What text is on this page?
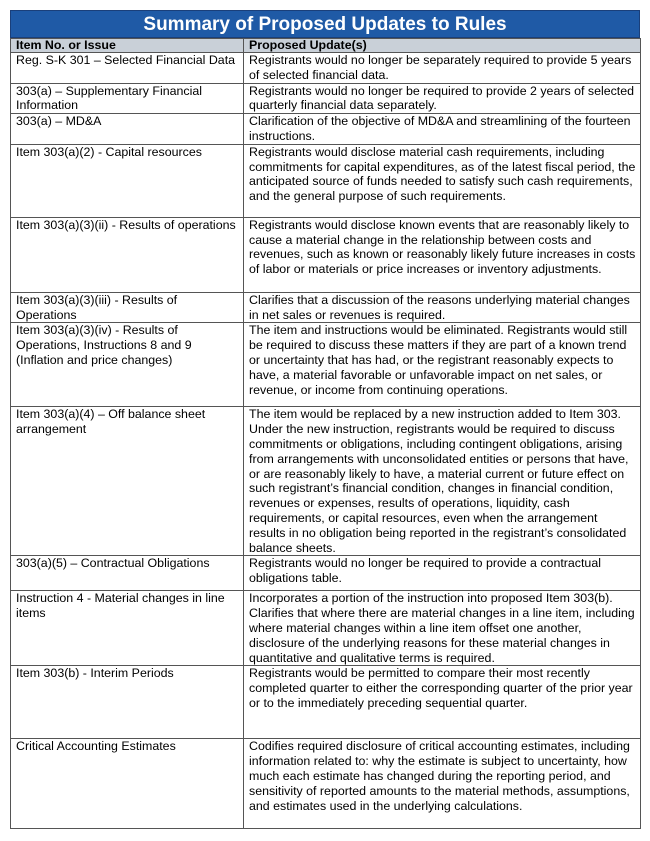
Summary of Proposed Updates to Rules
Item No. or Issue	Proposed Update(s)
Reg. S-K 301 – Selected Financial Data	Registrants would no longer be separately required to provide 5 years of selected financial data.
303(a) – Supplementary Financial Information	Registrants would no longer be required to provide 2 years of selected quarterly financial data separately.
303(a) – MD&A	Clarification of the objective of MD&A and streamlining of the fourteen instructions.
Item 303(a)(2) - Capital resources	Registrants would disclose material cash requirements, including commitments for capital expenditures, as of the latest fiscal period, the anticipated source of funds needed to satisfy such cash requirements, and the general purpose of such requirements.
Item 303(a)(3)(ii) - Results of operations	Registrants would disclose known events that are reasonably likely to cause a material change in the relationship between costs and revenues, such as known or reasonably likely future increases in costs of labor or materials or price increases or inventory adjustments.
Item 303(a)(3)(iii) - Results of Operations	Clarifies that a discussion of the reasons underlying material changes in net sales or revenues is required.
Item 303(a)(3)(iv) - Results of Operations, Instructions 8 and 9 (Inflation and price changes)	The item and instructions would be eliminated. Registrants would still be required to discuss these matters if they are part of a known trend or uncertainty that has had, or the registrant reasonably expects to have, a material favorable or unfavorable impact on net sales, or revenue, or income from continuing operations.
Item 303(a)(4) – Off balance sheet arrangement	The item would be replaced by a new instruction added to Item 303. Under the new instruction, registrants would be required to discuss commitments or obligations, including contingent obligations, arising from arrangements with unconsolidated entities or persons that have, or are reasonably likely to have, a material current or future effect on such registrant’s financial condition, changes in financial condition, revenues or expenses, results of operations, liquidity, cash requirements, or capital resources, even when the arrangement results in no obligation being reported in the registrant’s consolidated balance sheets.
303(a)(5) – Contractual Obligations	Registrants would no longer be required to provide a contractual obligations table.
Instruction 4 - Material changes in line items	Incorporates a portion of the instruction into proposed Item 303(b). Clarifies that where there are material changes in a line item, including where material changes within a line item offset one another, disclosure of the underlying reasons for these material changes in quantitative and qualitative terms is required.
Item 303(b) - Interim Periods	Registrants would be permitted to compare their most recently completed quarter to either the corresponding quarter of the prior year or to the immediately preceding sequential quarter.
Critical Accounting Estimates	Codifies required disclosure of critical accounting estimates, including information related to: why the estimate is subject to uncertainty, how much each estimate has changed during the reporting period, and sensitivity of reported amounts to the material methods, assumptions, and estimates used in the underlying calculations.
